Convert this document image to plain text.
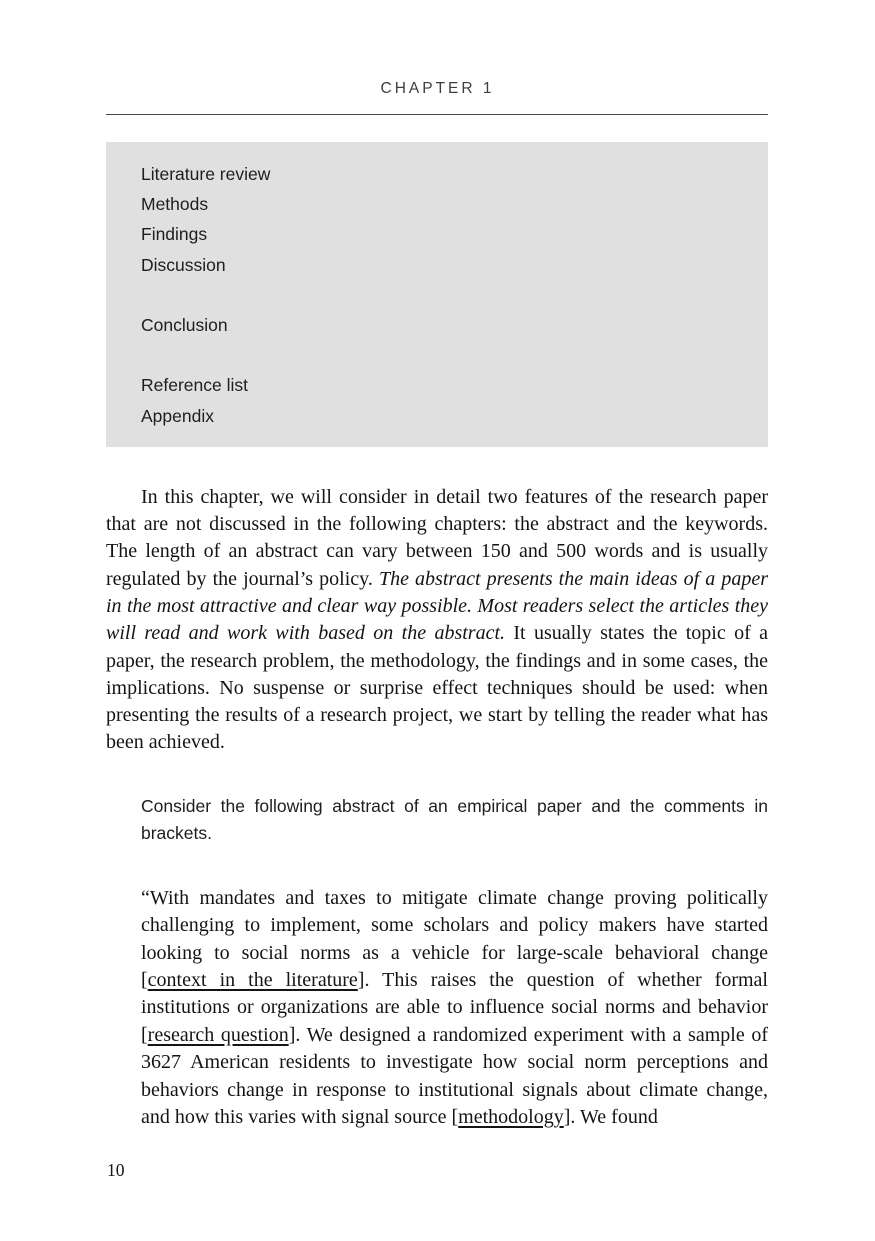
CHAPTER 1
Literature review
Methods
Findings
Discussion
Conclusion
Reference list
Appendix

In this chapter, we will consider in detail two features of the research paper that are not discussed in the following chapters: the abstract and the keywords. The length of an abstract can vary between 150 and 500 words and is usually regulated by the journal’s policy. The abstract presents the main ideas of a paper in the most attractive and clear way possible. Most readers select the articles they will read and work with based on the abstract. It usually states the topic of a paper, the research problem, the methodology, the findings and in some cases, the implications. No suspense or surprise effect techniques should be used: when presenting the results of a research project, we start by telling the reader what has been achieved.

Consider the following abstract of an empirical paper and the comments in brackets.

“With mandates and taxes to mitigate climate change proving politically challenging to implement, some scholars and policy makers have started looking to social norms as a vehicle for large-scale behavioral change [context in the literature]. This raises the question of whether formal institutions or organizations are able to influence social norms and behavior [research question]. We designed a randomized experiment with a sample of 3627 American residents to investigate how social norm perceptions and behaviors change in response to institutional signals about climate change, and how this varies with signal source [methodology]. We found

10
